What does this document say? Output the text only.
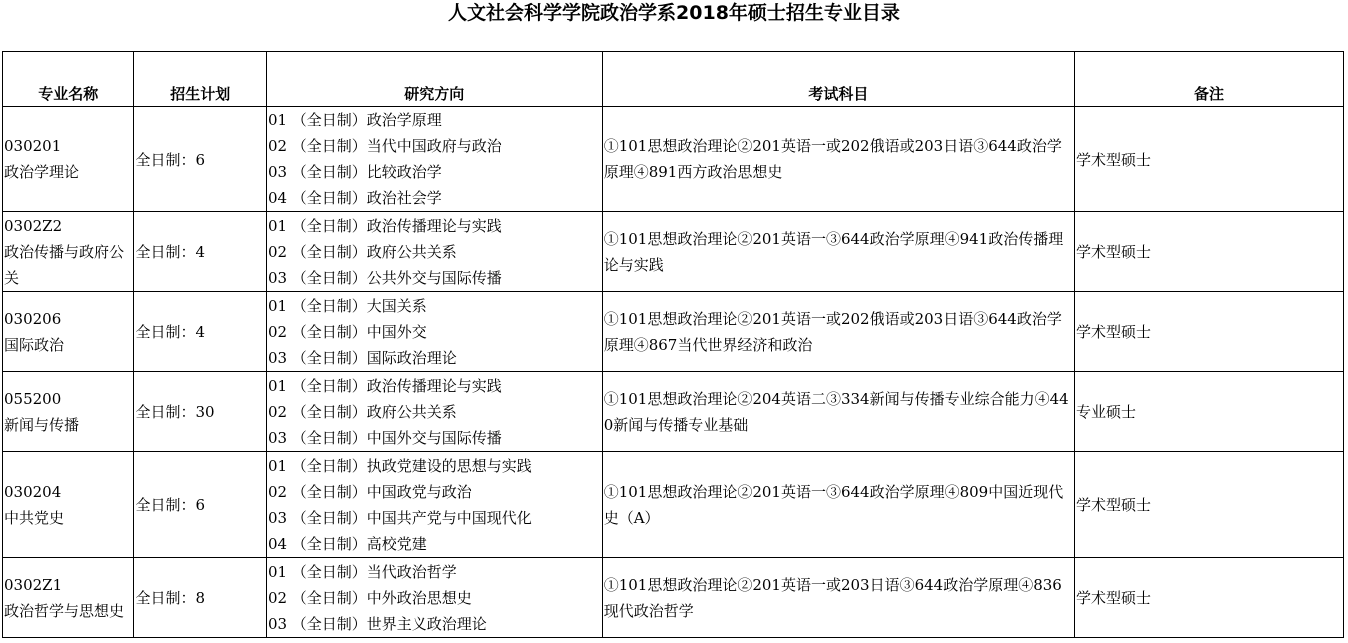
人文社会科学学院政治学系2018年硕士招生专业目录
专业名称	招生计划	研究方向	考试科目	备注

030201
政治学理论	全日制：6	01 （全日制）政治学原理
02 （全日制）当代中国政府与政治
03 （全日制）比较政治学
04 （全日制）政治社会学	①101思想政治理论②201英语一或202俄语或203日语③644政治学原理④891西方政治思想史	学术型硕士

0302Z2
政治传播与政府公关	全日制：4	01 （全日制）政治传播理论与实践
02 （全日制）政府公共关系
03 （全日制）公共外交与国际传播	①101思想政治理论②201英语一③644政治学原理④941政治传播理论与实践	学术型硕士

030206
国际政治	全日制：4	01 （全日制）大国关系
02 （全日制）中国外交
03 （全日制）国际政治理论	①101思想政治理论②201英语一或202俄语或203日语③644政治学原理④867当代世界经济和政治	学术型硕士

055200
新闻与传播	全日制：30	01 （全日制）政治传播理论与实践
02 （全日制）政府公共关系
03 （全日制）中国外交与国际传播	①101思想政治理论②204英语二③334新闻与传播专业综合能力④440新闻与传播专业基础	专业硕士

030204
中共党史	全日制：6	01 （全日制）执政党建设的思想与实践
02 （全日制）中国政党与政治
03 （全日制）中国共产党与中国现代化
04 （全日制）高校党建	①101思想政治理论②201英语一③644政治学原理④809中国近现代史（A）	学术型硕士

0302Z1
政治哲学与思想史	全日制：8	01 （全日制）当代政治哲学
02 （全日制）中外政治思想史
03 （全日制）世界主义政治理论	①101思想政治理论②201英语一或203日语③644政治学原理④836现代政治哲学	学术型硕士
